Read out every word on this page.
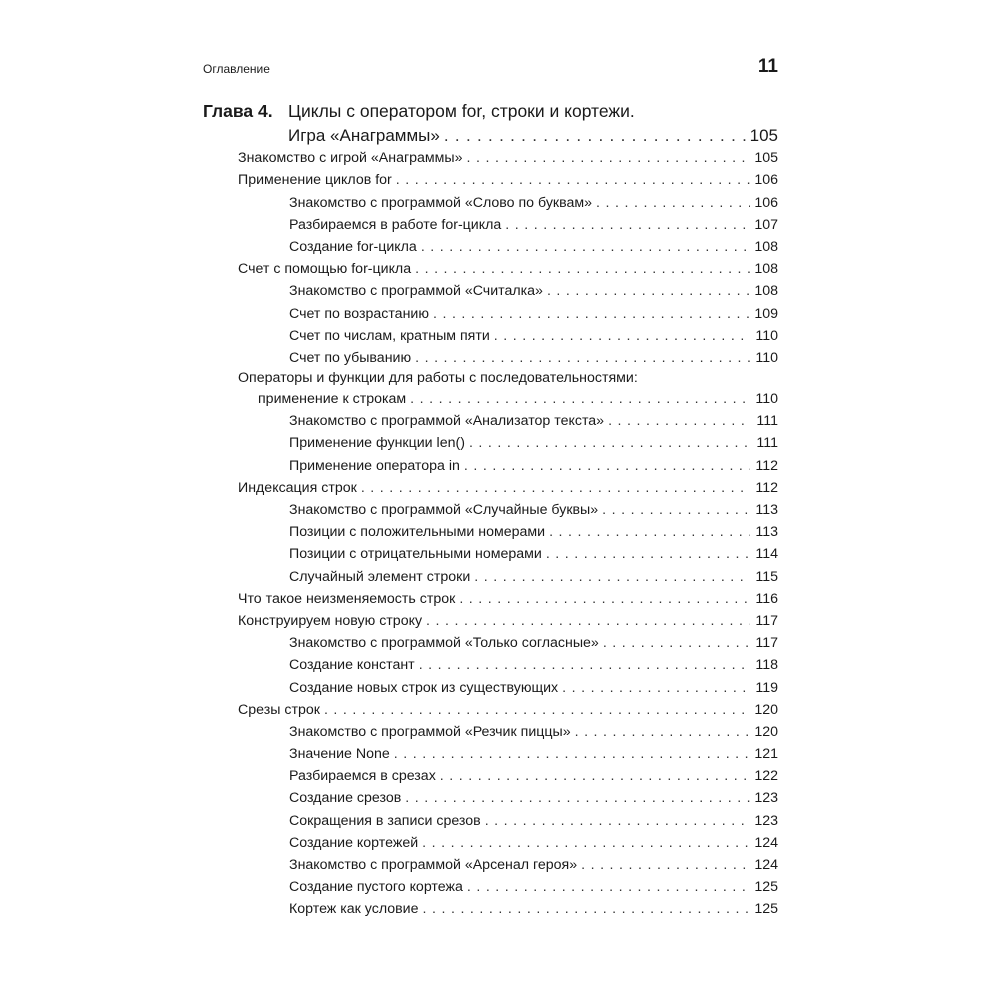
Оглавление	11
Глава 4. Циклы с оператором for, строки и кортежи.
Игра «Анаграммы» . . .	105
Знакомство с игрой «Анаграммы» . . .	105
Применение циклов for . . .	106
Знакомство с программой «Слово по буквам» . . .	106
Разбираемся в работе for-цикла . . .	107
Создание for-цикла . . .	108
Счет с помощью for-цикла . . .	108
Знакомство с программой «Считалка» . . .	108
Счет по возрастанию . . .	109
Счет по числам, кратным пяти . . .	110
Счет по убыванию . . .	110
Операторы и функции для работы с последовательностями:
применение к строкам . . .	110
Знакомство с программой «Анализатор текста» . . .	111
Применение функции len() . . .	111
Применение оператора in . . .	112
Индексация строк . . .	112
Знакомство с программой «Случайные буквы» . . .	113
Позиции с положительными номерами . . .	113
Позиции с отрицательными номерами . . .	114
Случайный элемент строки . . .	115
Что такое неизменяемость строк . . .	116
Конструируем новую строку . . .	117
Знакомство с программой «Только согласные» . . .	117
Создание констант . . .	118
Создание новых строк из существующих . . .	119
Срезы строк . . .	120
Знакомство с программой «Резчик пиццы» . . .	120
Значение None . . .	121
Разбираемся в срезах . . .	122
Создание срезов . . .	123
Сокращения в записи срезов . . .	123
Создание кортежей . . .	124
Знакомство с программой «Арсенал героя» . . .	124
Создание пустого кортежа . . .	125
Кортеж как условие . . .	125
